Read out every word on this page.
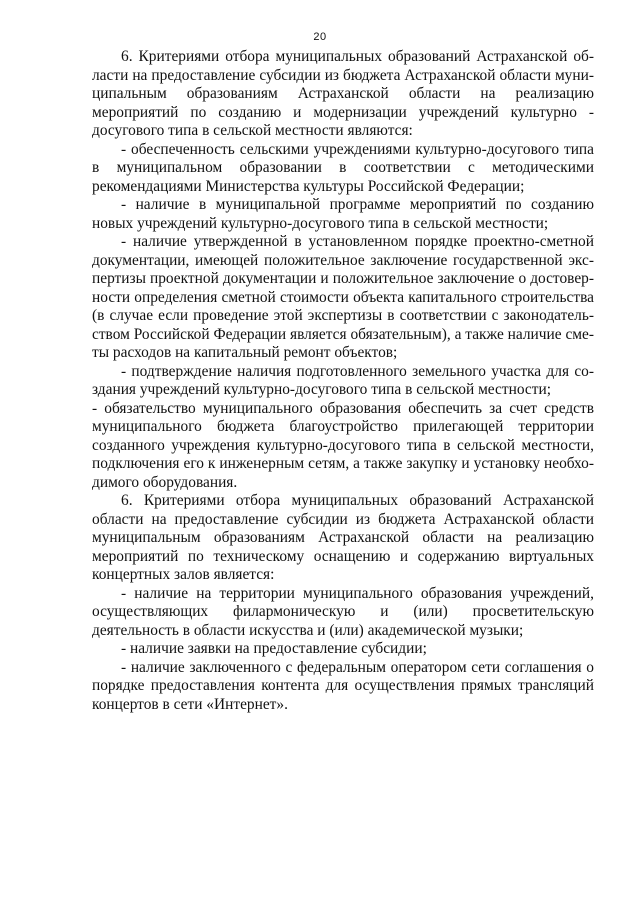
20

6. Критериями отбора муниципальных образований Астраханской области на предоставление субсидии из бюджета Астраханской области муниципальным образованиям Астраханской области на реализацию мероприятий по созданию и модернизации учреждений культурно - досугового типа в сельской местности являются:

- обеспеченность сельскими учреждениями культурно-досугового типа в муниципальном образовании в соответствии с методическими рекомендациями Министерства культуры Российской Федерации;

- наличие в муниципальной программе мероприятий по созданию новых учреждений культурно-досугового типа в сельской местности;

- наличие утвержденной в установленном порядке проектно-сметной документации, имеющей положительное заключение государственной экспертизы проектной документации и положительное заключение о достоверности определения сметной стоимости объекта капитального строительства (в случае если проведение этой экспертизы в соответствии с законодательством Российской Федерации является обязательным), а также наличие сметы расходов на капитальный ремонт объектов;

- подтверждение наличия подготовленного земельного участка для создания учреждений культурно-досугового типа в сельской местности;

- обязательство муниципального образования обеспечить за счет средств муниципального бюджета благоустройство прилегающей территории созданного учреждения культурно-досугового типа в сельской местности, подключения его к инженерным сетям, а также закупку и установку необходимого оборудования.

6. Критериями отбора муниципальных образований Астраханской области на предоставление субсидии из бюджета Астраханской области муниципальным образованиям Астраханской области на реализацию мероприятий по техническому оснащению и содержанию виртуальных концертных залов является:

- наличие на территории муниципального образования учреждений, осуществляющих филармоническую и (или) просветительскую деятельность в области искусства и (или) академической музыки;

- наличие заявки на предоставление субсидии;

- наличие заключенного с федеральным оператором сети соглашения о порядке предоставления контента для осуществления прямых трансляций концертов в сети «Интернет».
